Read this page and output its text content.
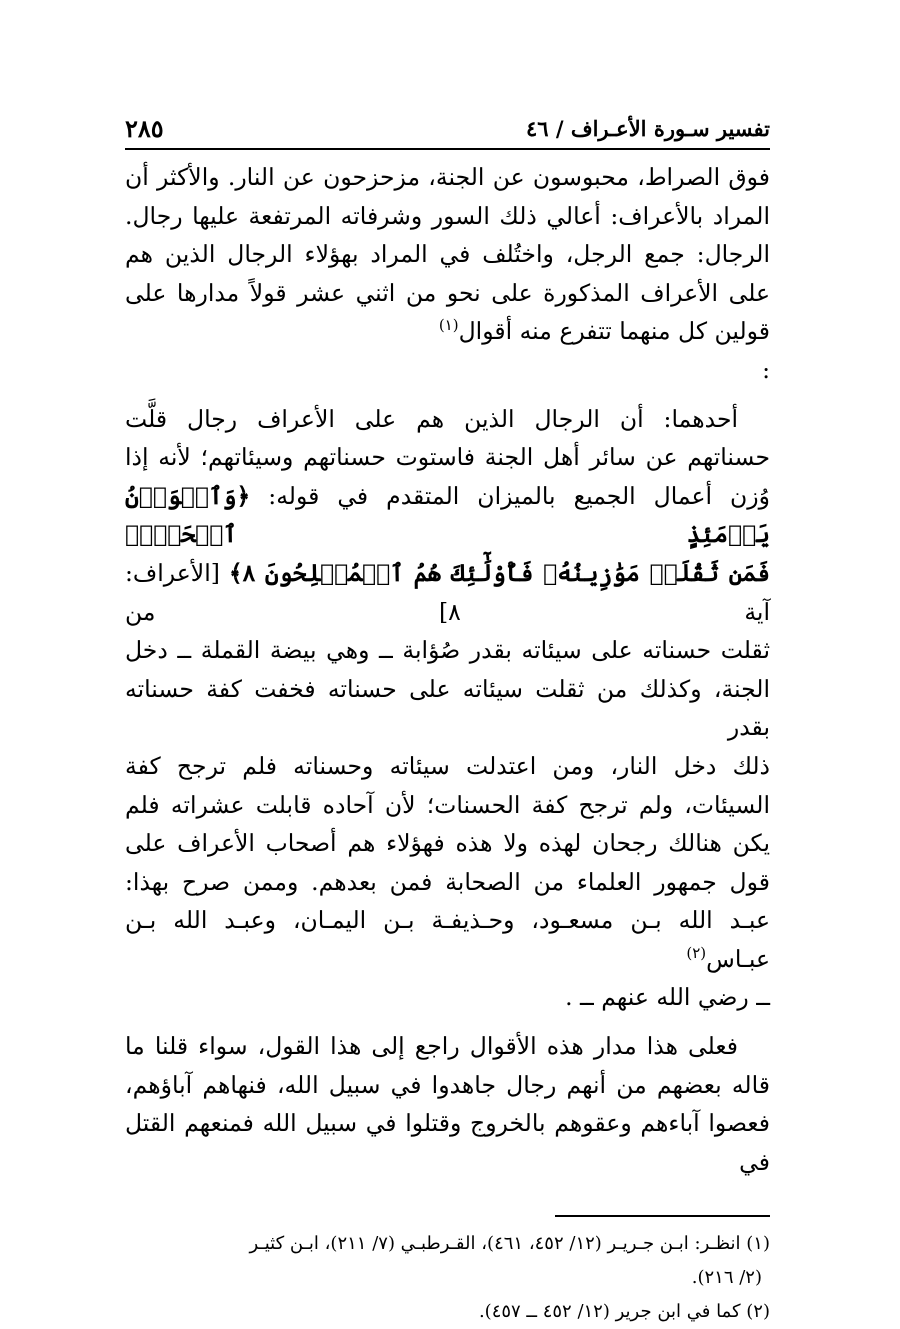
تفسير سـورة الأعـراف / ٤٦
٢٨٥

فوق الصراط، محبوسون عن الجنة، مزحزحون عن النار. والأكثر أن
المراد بالأعراف: أعالي ذلك السور وشرفاته المرتفعة عليها رجال.
الرجال: جمع الرجل، واختُلف في المراد بهؤلاء الرجال الذين هم
على الأعراف المذكورة على نحو من اثني عشر قولاً مدارها على
قولين كل منهما تتفرع منه أقوال$^{(١)}$
:

أحدهما: أن الرجال الذين هم على الأعراف رجال قلَّت
حسناتهم عن سائر أهل الجنة فاستوت حسناتهم وسيئاتهم؛ لأنه إذا
وُزن أعمال الجميع بالميزان المتقدم في قوله: ﴿وَٱلۡوَزۡنُ يَوۡمَئِذٍ ٱلۡحَقُّۚ
فَمَن ثَقُلَتۡ مَوَٰزِينُهُۥ فَأُوْلَٰٓئِكَ هُمُ ٱلۡمُفۡلِحُونَ ٨﴾ [الأعراف: آية ٨] من
ثقلت حسناته على سيئاته بقدر صُؤابة ــ وهي بيضة القملة ــ دخل
الجنة، وكذلك من ثقلت سيئاته على حسناته فخفت كفة حسناته بقدر
ذلك دخل النار، ومن اعتدلت سيئاته وحسناته فلم ترجح كفة
السيئات، ولم ترجح كفة الحسنات؛ لأن آحاده قابلت عشراته فلم
يكن هنالك رجحان لهذه ولا هذه فهؤلاء هم أصحاب الأعراف على
قول جمهور العلماء من الصحابة فمن بعدهم. وممن صرح بهذا:
عبـد الله بـن مسعـود، وحـذيفـة بـن اليمـان، وعبـد الله بـن عبـاس$^{(٢)}$
ــ رضي الله عنهم ــ .

فعلى هذا مدار هذه الأقوال راجع إلى هذا القول، سواء قلنا ما
قاله بعضهم من أنهم رجال جاهدوا في سبيل الله، فنهاهم آباؤهم،
فعصوا آباءهم وعقوهم بالخروج وقتلوا في سبيل الله فمنعهم القتل في

(١) انظـر: ابـن جـريـر (١٢/ ٤٥٢، ٤٦١)، القـرطبـي (٧/ ٢١١)، ابـن كثيـر

(٢/ ٢١٦).

(٢) كما في ابن جرير (١٢/ ٤٥٢ ــ ٤٥٧).
